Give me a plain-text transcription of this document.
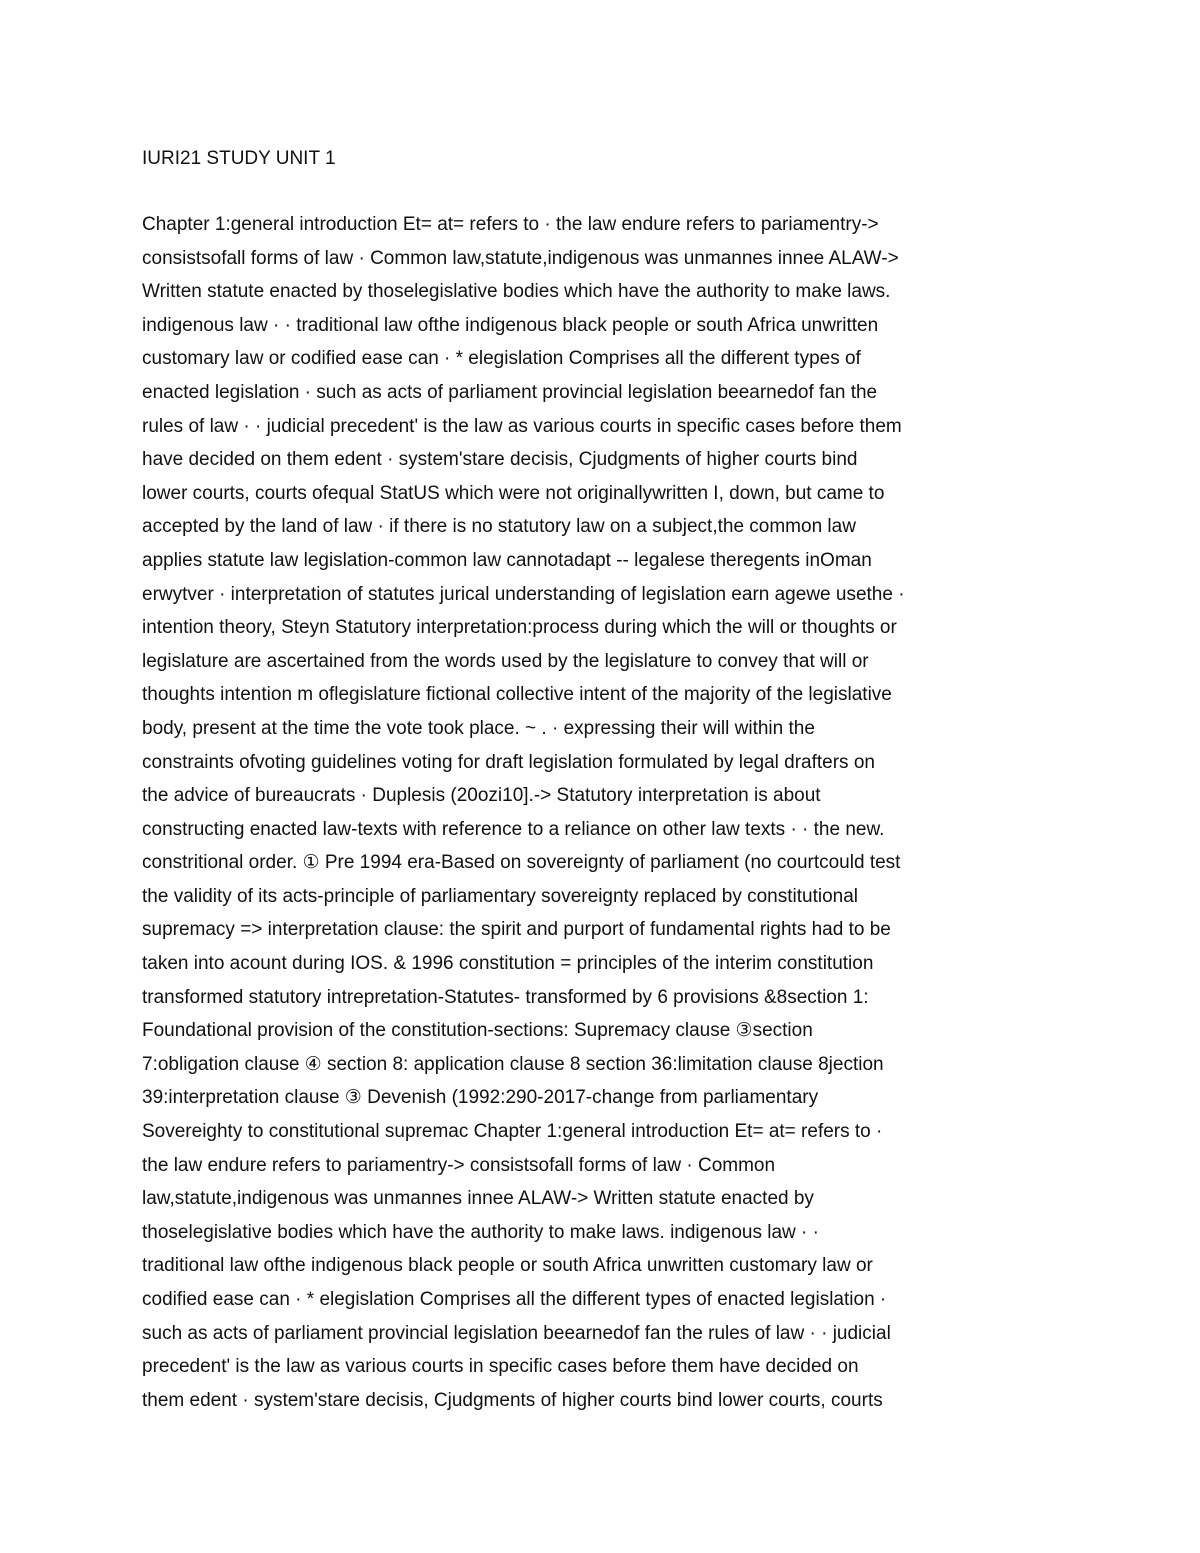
IURI21 STUDY UNIT 1
Chapter 1:general introduction Et= at= refers to · the law endure refers to pariamentry->
consistsofall forms of law · Common law,statute,indigenous was unmannes innee ALAW->
Written statute enacted by thoselegislative bodies which have the authority to make laws.
indigenous law · · traditional law ofthe indigenous black people or south Africa unwritten
customary law or codified ease can · * elegislation Comprises all the different types of
enacted legislation · such as acts of parliament provincial legislation beearnedof fan the
rules of law · · judicial precedent' is the law as various courts in specific cases before them
have decided on them edent · system'stare decisis, Cjudgments of higher courts bind
lower courts, courts ofequal StatUS which were not originallywritten I, down, but came to
accepted by the land of law · if there is no statutory law on a subject,the common law
applies statute law legislation-common law cannotadapt -- legalese theregents inOman
erwytver · interpretation of statutes jurical understanding of legislation earn agewe usethe ·
intention theory, Steyn Statutory interpretation:process during which the will or thoughts or
legislature are ascertained from the words used by the legislature to convey that will or
thoughts intention m oflegislature fictional collective intent of the majority of the legislative
body, present at the time the vote took place. ~ . · expressing their will within the
constraints ofvoting guidelines voting for draft legislation formulated by legal drafters on
the advice of bureaucrats · Duplesis (20ozi10].-> Statutory interpretation is about
constructing enacted law-texts with reference to a reliance on other law texts · · the new.
constritional order. ① Pre 1994 era-Based on sovereignty of parliament (no courtcould test
the validity of its acts-principle of parliamentary sovereignty replaced by constitutional
supremacy => interpretation clause: the spirit and purport of fundamental rights had to be
taken into acount during IOS. & 1996 constitution = principles of the interim constitution
transformed statutory intrepretation-Statutes- transformed by 6 provisions &8section 1:
Foundational provision of the constitution-sections: Supremacy clause ③section
7:obligation clause ④ section 8: application clause 8 section 36:limitation clause 8jection
39:interpretation clause ③ Devenish (1992:290-2017-change from parliamentary
Sovereighty to constitutional supremac Chapter 1:general introduction Et= at= refers to ·
the law endure refers to pariamentry-> consistsofall forms of law · Common
law,statute,indigenous was unmannes innee ALAW-> Written statute enacted by
thoselegislative bodies which have the authority to make laws. indigenous law · ·
traditional law ofthe indigenous black people or south Africa unwritten customary law or
codified ease can · * elegislation Comprises all the different types of enacted legislation ·
such as acts of parliament provincial legislation beearnedof fan the rules of law · · judicial
precedent' is the law as various courts in specific cases before them have decided on
them edent · system'stare decisis, Cjudgments of higher courts bind lower courts, courts
